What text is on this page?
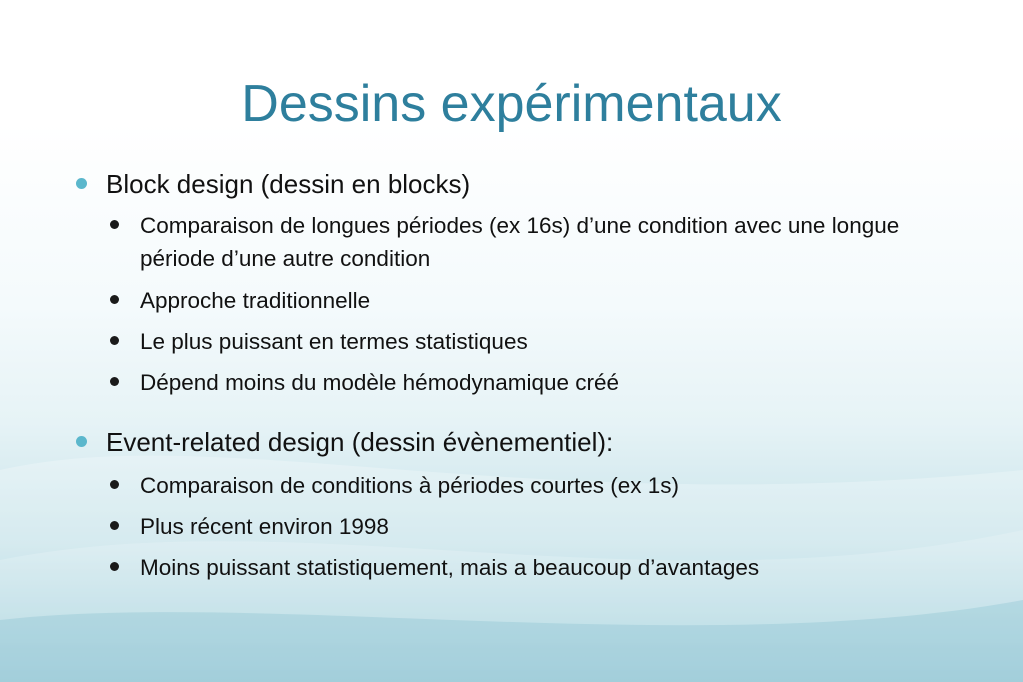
Dessins expérimentaux
Block design (dessin en blocks)
Comparaison de longues périodes (ex 16s) d’une condition avec une longue période d’une autre condition
Approche traditionnelle
Le plus puissant en termes statistiques
Dépend moins du modèle hémodynamique créé
Event-related design (dessin évènementiel):
Comparaison de conditions à périodes courtes (ex 1s)
Plus récent environ 1998
Moins puissant statistiquement, mais a beaucoup d’avantages
